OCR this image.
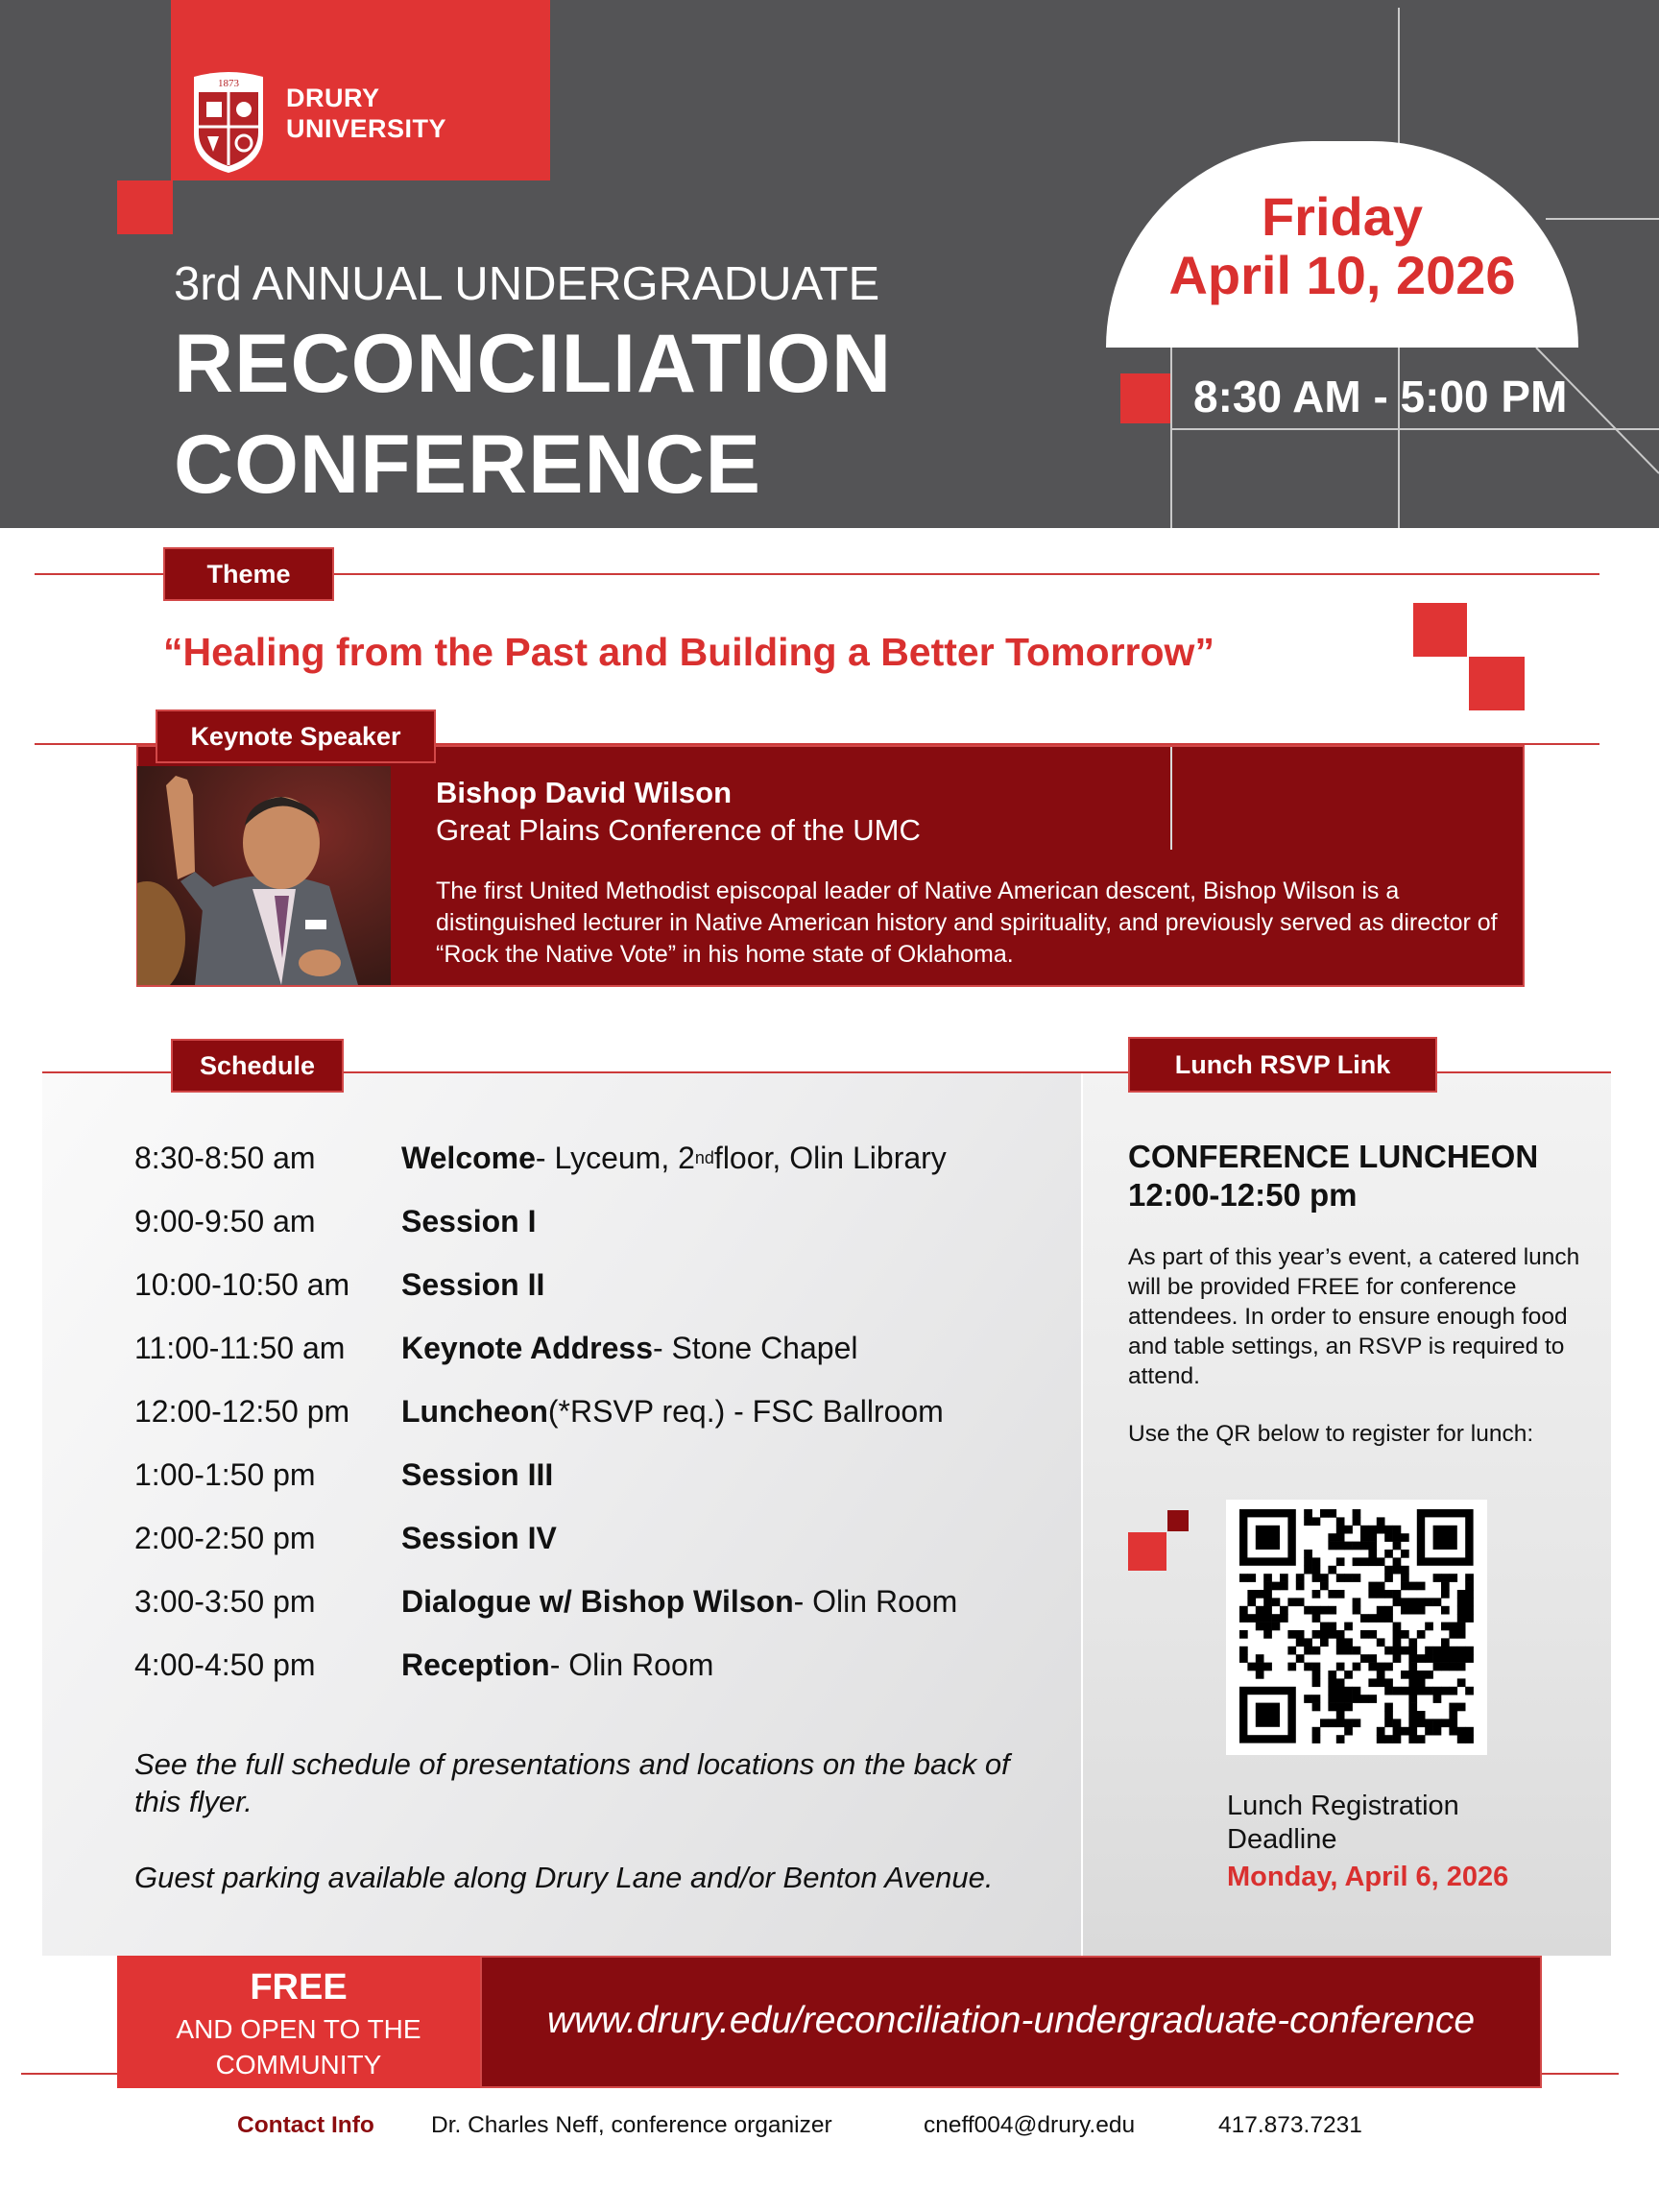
1873 DRURY
UNIVERSITY
3rd ANNUAL UNDERGRADUATE
RECONCILIATION
CONFERENCE
Friday
April 10, 2026
8:30 AM - 5:00 PM
Theme
“Healing from the Past and Building a Better Tomorrow”
Keynote Speaker
Bishop David Wilson
Great Plains Conference of the UMC
The first United Methodist episcopal leader of Native American descent, Bishop Wilson is a distinguished lecturer in Native American history and spirituality, and previously served as director of “Rock the Native Vote” in his home state of Oklahoma.
Schedule	Lunch RSVP Link
8:30-8:50 am	Welcome - Lyceum, 2 nd floor, Olin Library
9:00-9:50 am	Session I
10:00-10:50 am	Session II
11:00-11:50 am	Keynote Address - Stone Chapel
12:00-12:50 pm	Luncheon (*RSVP req.) - FSC Ballroom
1:00-1:50 pm	Session III
2:00-2:50 pm	Session IV
3:00-3:50 pm	Dialogue w/ Bishop Wilson - Olin Room
4:00-4:50 pm	Reception - Olin Room
See the full schedule of presentations and locations on the back of this flyer.
Guest parking available along Drury Lane and/or Benton Avenue.
CONFERENCE LUNCHEON
12:00-12:50 pm
As part of this year’s event, a catered lunch will be provided FREE for conference attendees. In order to ensure enough food and table settings, an RSVP is required to attend.
Use the QR below to register for lunch:
Lunch Registration
Deadline
Monday, April 6, 2026
FREE
AND OPEN TO THE
COMMUNITY
www.drury.edu/reconciliation-undergraduate-conference
Contact Info Dr. Charles Neff, conference organizer	cneff004@drury.edu	417.873.7231
